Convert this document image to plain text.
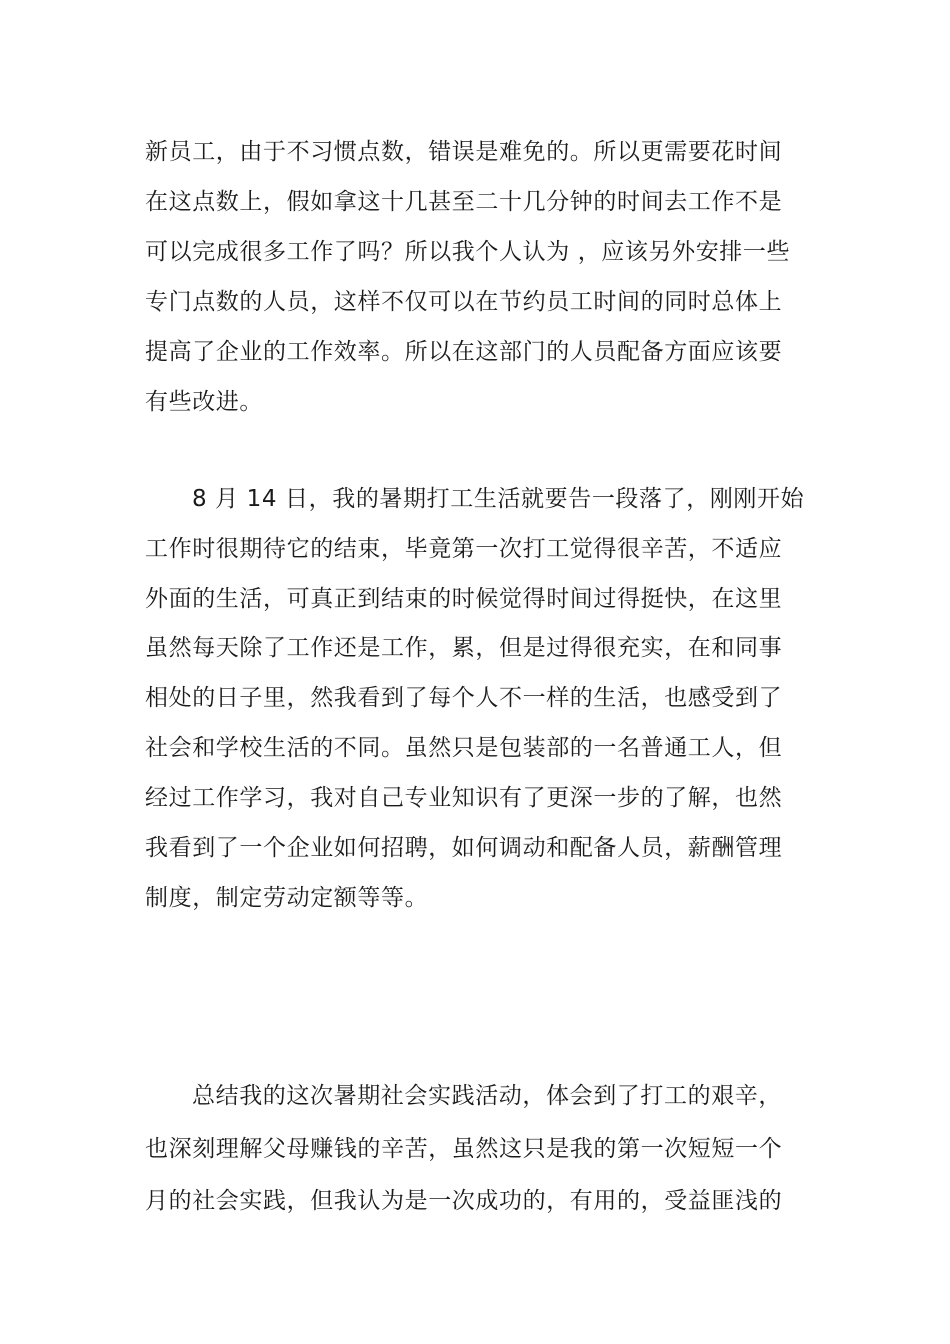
新员工，由于不习惯点数，错误是难免的。所以更需要花时间
在这点数上，假如拿这十几甚至二十几分钟的时间去工作不是
可以完成很多工作了吗？所以我个人认为 ，应该另外安排一些
专门点数的人员，这样不仅可以在节约员工时间的同时总体上
提高了企业的工作效率。所以在这部门的人员配备方面应该要
有些改进。
8 月 14 日，我的暑期打工生活就要告一段落了，刚刚开始
工作时很期待它的结束，毕竟第一次打工觉得很辛苦，不适应
外面的生活，可真正到结束的时候觉得时间过得挺快，在这里
虽然每天除了工作还是工作，累，但是过得很充实，在和同事
相处的日子里，然我看到了每个人不一样的生活，也感受到了
社会和学校生活的不同。虽然只是包装部的一名普通工人，但
经过工作学习，我对自己专业知识有了更深一步的了解，也然
我看到了一个企业如何招聘，如何调动和配备人员，薪酬管理
制度，制定劳动定额等等。
总结我的这次暑期社会实践活动，体会到了打工的艰辛，
也深刻理解父母赚钱的辛苦，虽然这只是我的第一次短短一个
月的社会实践，但我认为是一次成功的，有用的，受益匪浅的
